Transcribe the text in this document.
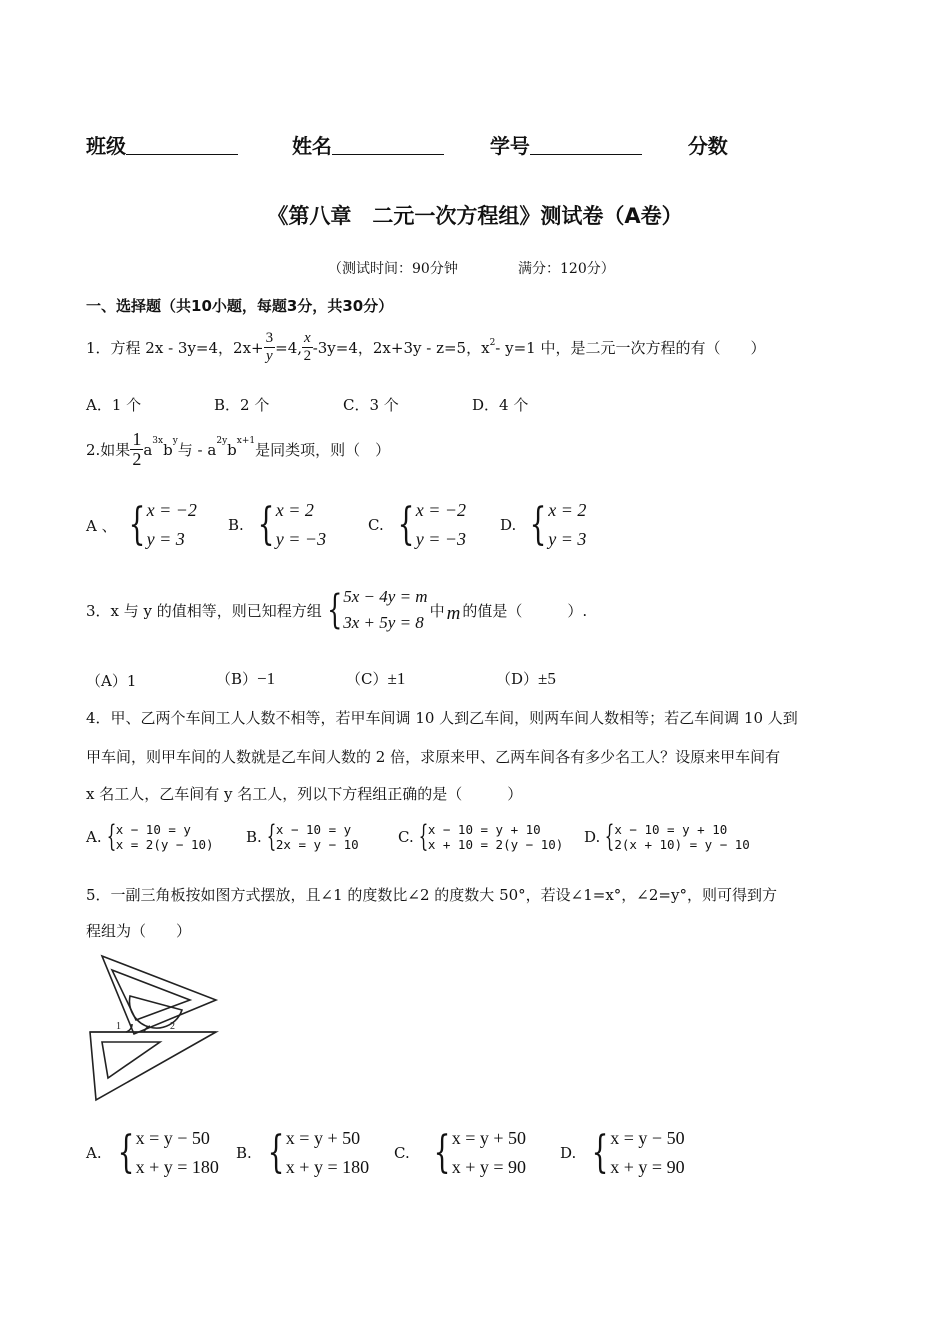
班级	姓名	学号	分数
《第八章　二元一次方程组》测试卷（A卷）
（测试时间：90分钟	满分：120分）
一、选择题（共10小题，每题3分，共30分）
1．方程 2x - 3y=4，$2x+ \frac{3}{y} =4$, $\frac{x}{2} -3y=4$，2x+3y - z=5，$x^2 - y=1$ 中，是二元一次方程的有（　　）
A．1 个	B．2 个	C．3 个	D．4 个
2.如果 $\frac{1}{2} a^{3x}$ $b^y$ 与 - $a^{2y}$ $b^{x+1}$ 是同类项，则（　）
A 、 { x = −2
y = 3
B. { x = 2
y = −3
C. { x = −2
y = −3
D. { x = 2
y = 3
3．x 与 y 的值相等，则已知程方组 { 5x − 4y = m
3x + 5y = 8
中 m 的值是（　　　）.
（A）1	（B）−1	（C）±1	（D）±5
4．甲、乙两个车间工人人数不相等，若甲车间调 10 人到乙车间，则两车间人数相等；若乙车间调 10 人到
甲车间，则甲车间的人数就是乙车间人数的 2 倍，求原来甲、乙两车间各有多少名工人？设原来甲车间有
x 名工人，乙车间有 y 名工人，列以下方程组正确的是（　　　）
A. { x − 10 = y
x = 2(y − 10) B. { x − 10 = y
2x = y − 10	C. { x − 10 = y + 10
x + 10 = 2(y − 10) D. { x − 10 = y + 10
2(x + 10) = y − 10
5．一副三角板按如图方式摆放，且∠1 的度数比∠2 的度数大 50°，若设∠1=x°，∠2=y°，则可得到方
程组为（　　）
1	2
A. { x = y − 50
x + y = 180
B. { x = y + 50
x + y = 180
C. { x = y + 50
x + y = 90
D. { x = y − 50
x + y = 90
